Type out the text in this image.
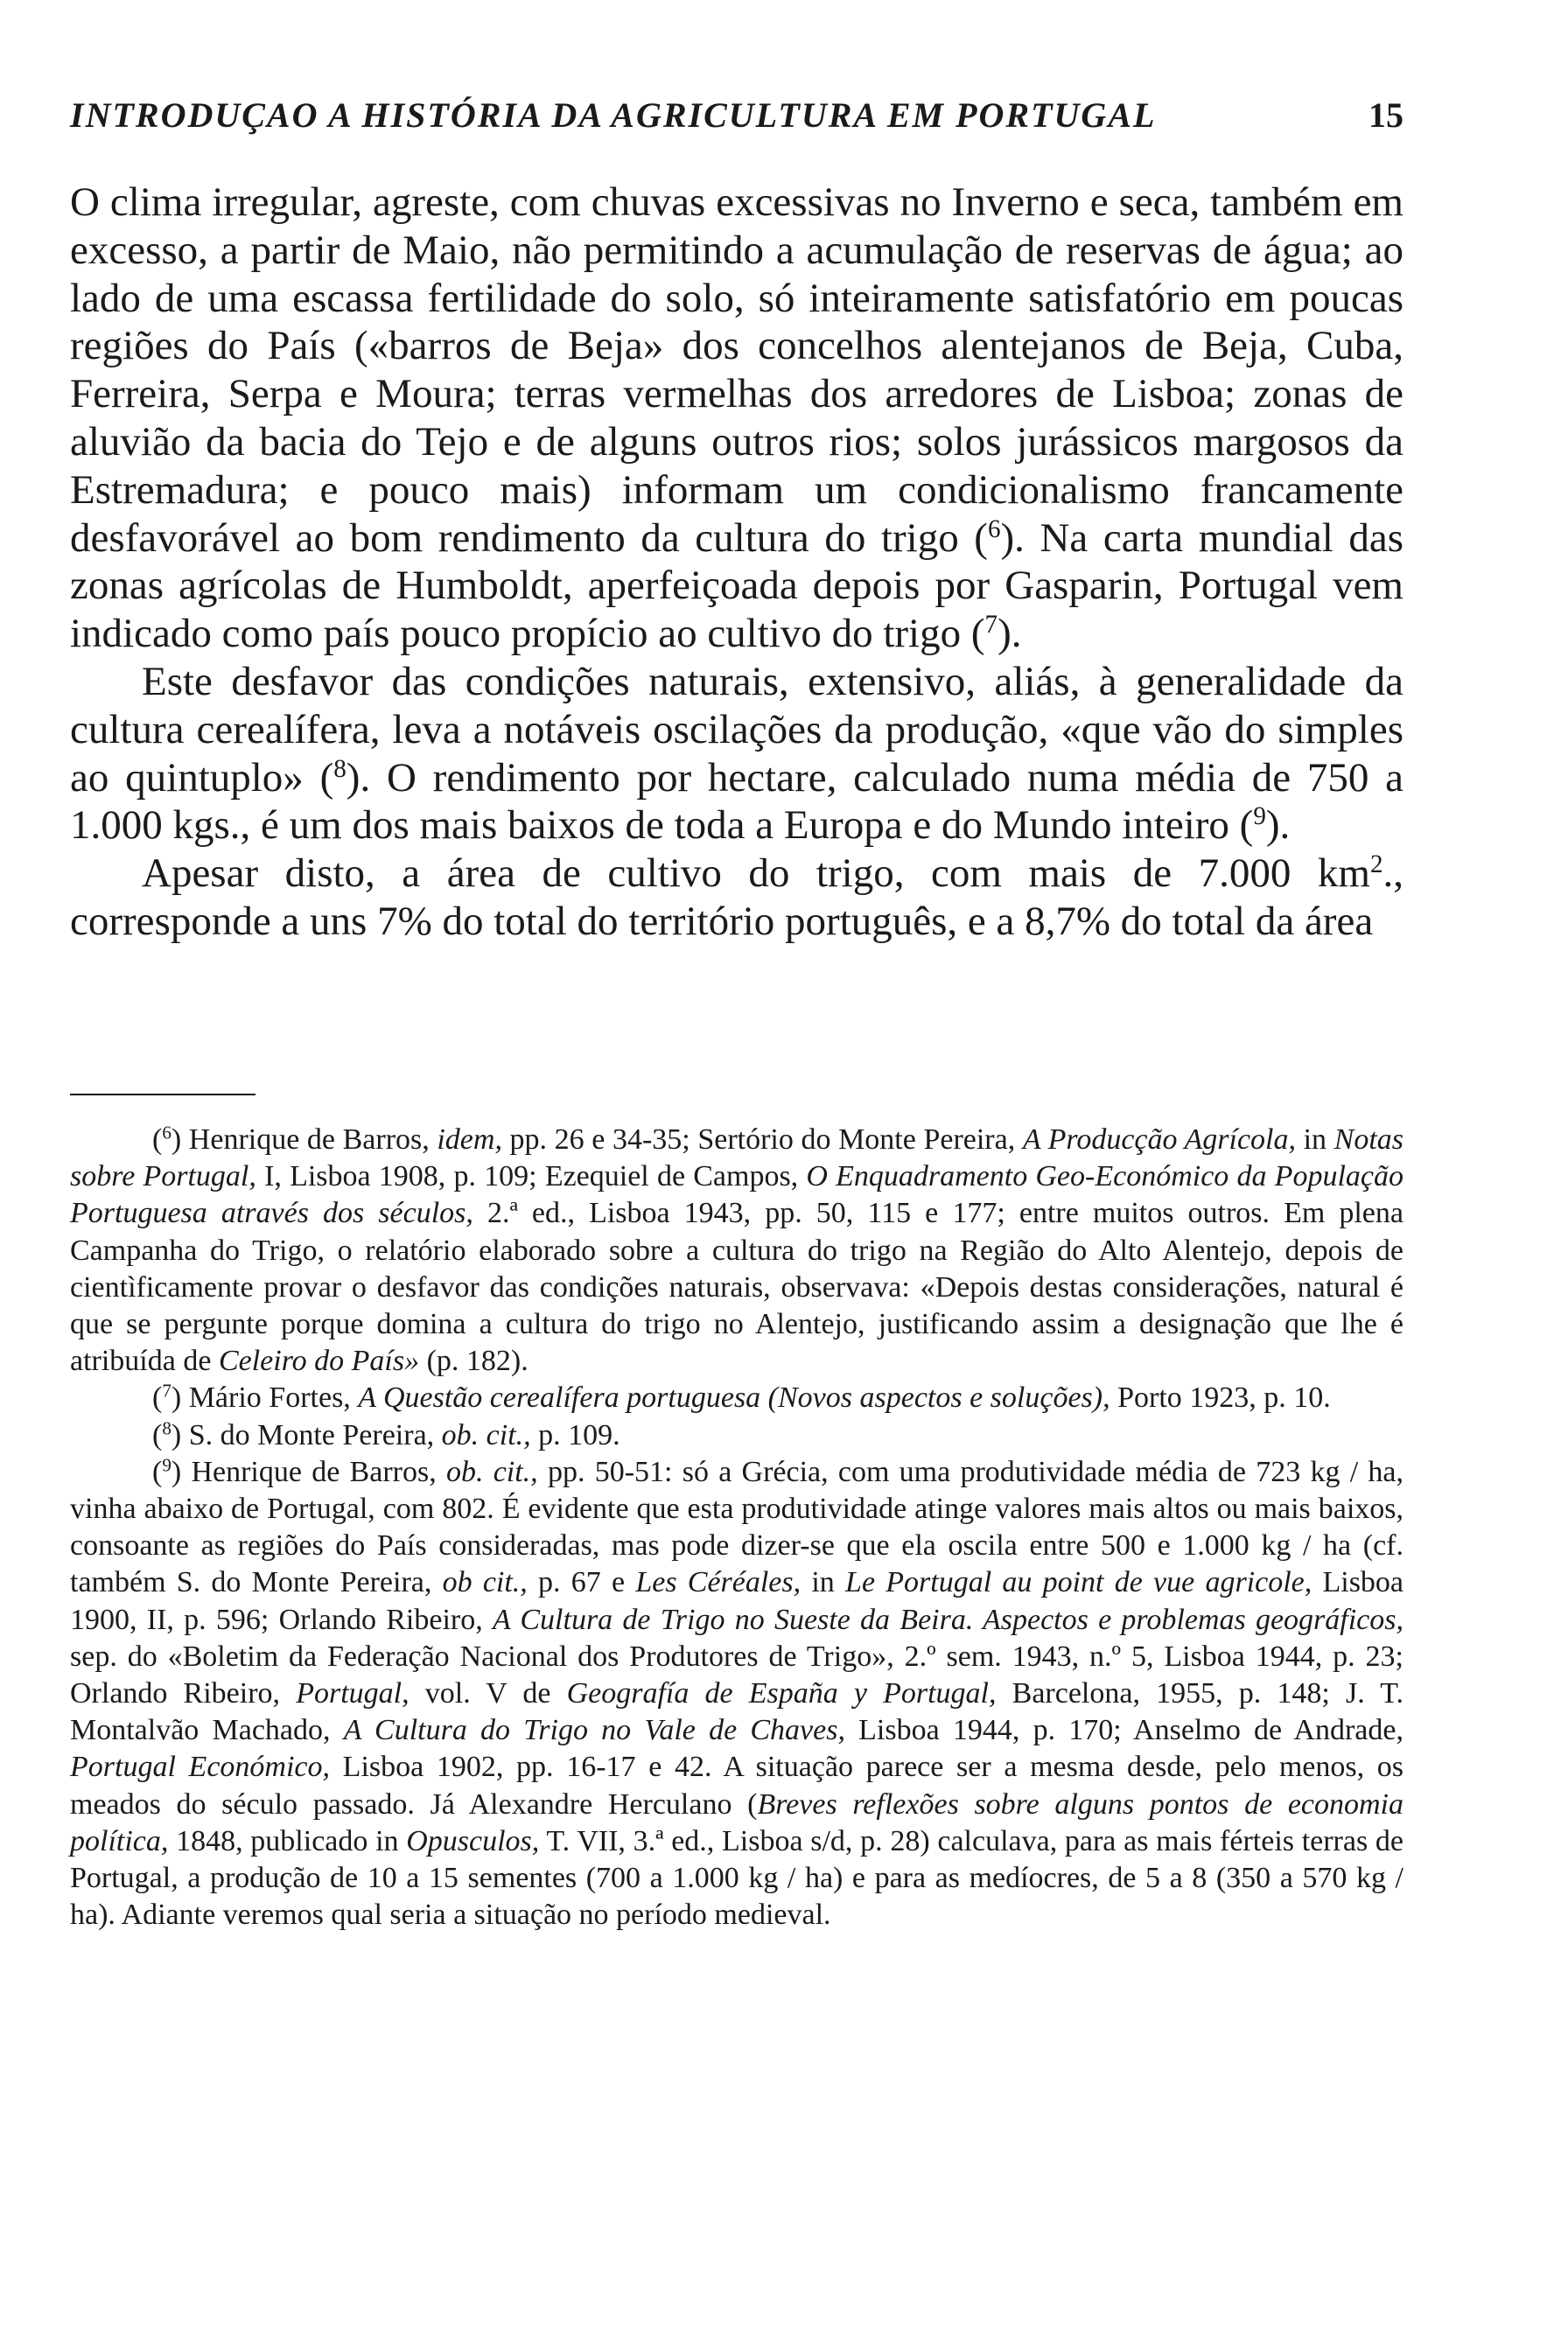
INTRODUÇAO A HISTÓRIA DA AGRICULTURA EM PORTUGAL	15

O clima irregular, agreste, com chuvas excessivas no Inverno e seca, também em excesso, a partir de Maio, não permitindo a acumulação de reservas de água; ao lado de uma escassa fertilidade do solo, só inteiramente satisfatório em poucas regiões do País («barros de Beja» dos concelhos alentejanos de Beja, Cuba, Ferreira, Serpa e Moura; terras vermelhas dos arredores de Lisboa; zonas de aluvião da bacia do Tejo e de alguns outros rios; solos jurássicos margosos da Estremadura; e pouco mais) informam um condicionalismo francamente desfavorável ao bom rendimento da cultura do trigo ($^6$). Na carta mundial das zonas agrícolas de Humboldt, aperfeiçoada depois por Gasparin, Portugal vem indicado como país pouco propício ao cultivo do trigo ($^7$).

Este desfavor das condições naturais, extensivo, aliás, à generalidade da cultura cerealífera, leva a notáveis oscilações da produção, «que vão do simples ao quintuplo» ($^8$). O rendimento por hectare, calculado numa média de 750 a 1.000 kgs., é um dos mais baixos de toda a Europa e do Mundo inteiro ($^9$).

Apesar disto, a área de cultivo do trigo, com mais de 7.000 $km^2$., corresponde a uns 7% do total do território português, e a 8,7% do total da área

($^6$) Henrique de Barros, idem, pp. 26 e 34-35; Sertório do Monte Pereira, A Producção Agrícola, in Notas sobre Portugal, I, Lisboa 1908, p. 109; Ezequiel de Campos, O Enquadramento Geo-Económico da População Portuguesa através dos séculos, 2.ª ed., Lisboa 1943, pp. 50, 115 e 177; entre muitos outros. Em plena Campanha do Trigo, o relatório elaborado sobre a cultura do trigo na Região do Alto Alentejo, depois de cientìficamente provar o desfavor das condições naturais, observava: «Depois destas considerações, natural é que se pergunte porque domina a cultura do trigo no Alentejo, justificando assim a designação que lhe é atribuída de Celeiro do País» (p. 182).

($^7$) Mário Fortes, A Questão cerealífera portuguesa (Novos aspectos e soluções), Porto 1923, p. 10.

($^8$) S. do Monte Pereira, ob. cit., p. 109.

($^9$) Henrique de Barros, ob. cit., pp. 50-51: só a Grécia, com uma produtividade média de 723 kg / ha, vinha abaixo de Portugal, com 802. É evidente que esta produtividade atinge valores mais altos ou mais baixos, consoante as regiões do País consideradas, mas pode dizer-se que ela oscila entre 500 e 1.000 kg / ha (cf. também S. do Monte Pereira, ob cit., p. 67 e Les Céréales, in Le Portugal au point de vue agricole, Lisboa 1900, II, p. 596; Orlando Ribeiro, A Cultura de Trigo no Sueste da Beira. Aspectos e problemas geográficos, sep. do «Boletim da Federação Nacional dos Produtores de Trigo», 2.º sem. 1943, n.º 5, Lisboa 1944, p. 23; Orlando Ribeiro, Portugal, vol. V de Geografía de España y Portugal, Barcelona, 1955, p. 148; J. T. Montalvão Machado, A Cultura do Trigo no Vale de Chaves, Lisboa 1944, p. 170; Anselmo de Andrade, Portugal Económico, Lisboa 1902, pp. 16-17 e 42. A situação parece ser a mesma desde, pelo menos, os meados do século passado. Já Alexandre Herculano (Breves reflexões sobre alguns pontos de economia política, 1848, publicado in Opusculos, T. VII, 3.ª ed., Lisboa s/d, p. 28) calculava, para as mais férteis terras de Portugal, a produção de 10 a 15 sementes (700 a 1.000 kg / ha) e para as medíocres, de 5 a 8 (350 a 570 kg / ha). Adiante veremos qual seria a situação no período medieval.
